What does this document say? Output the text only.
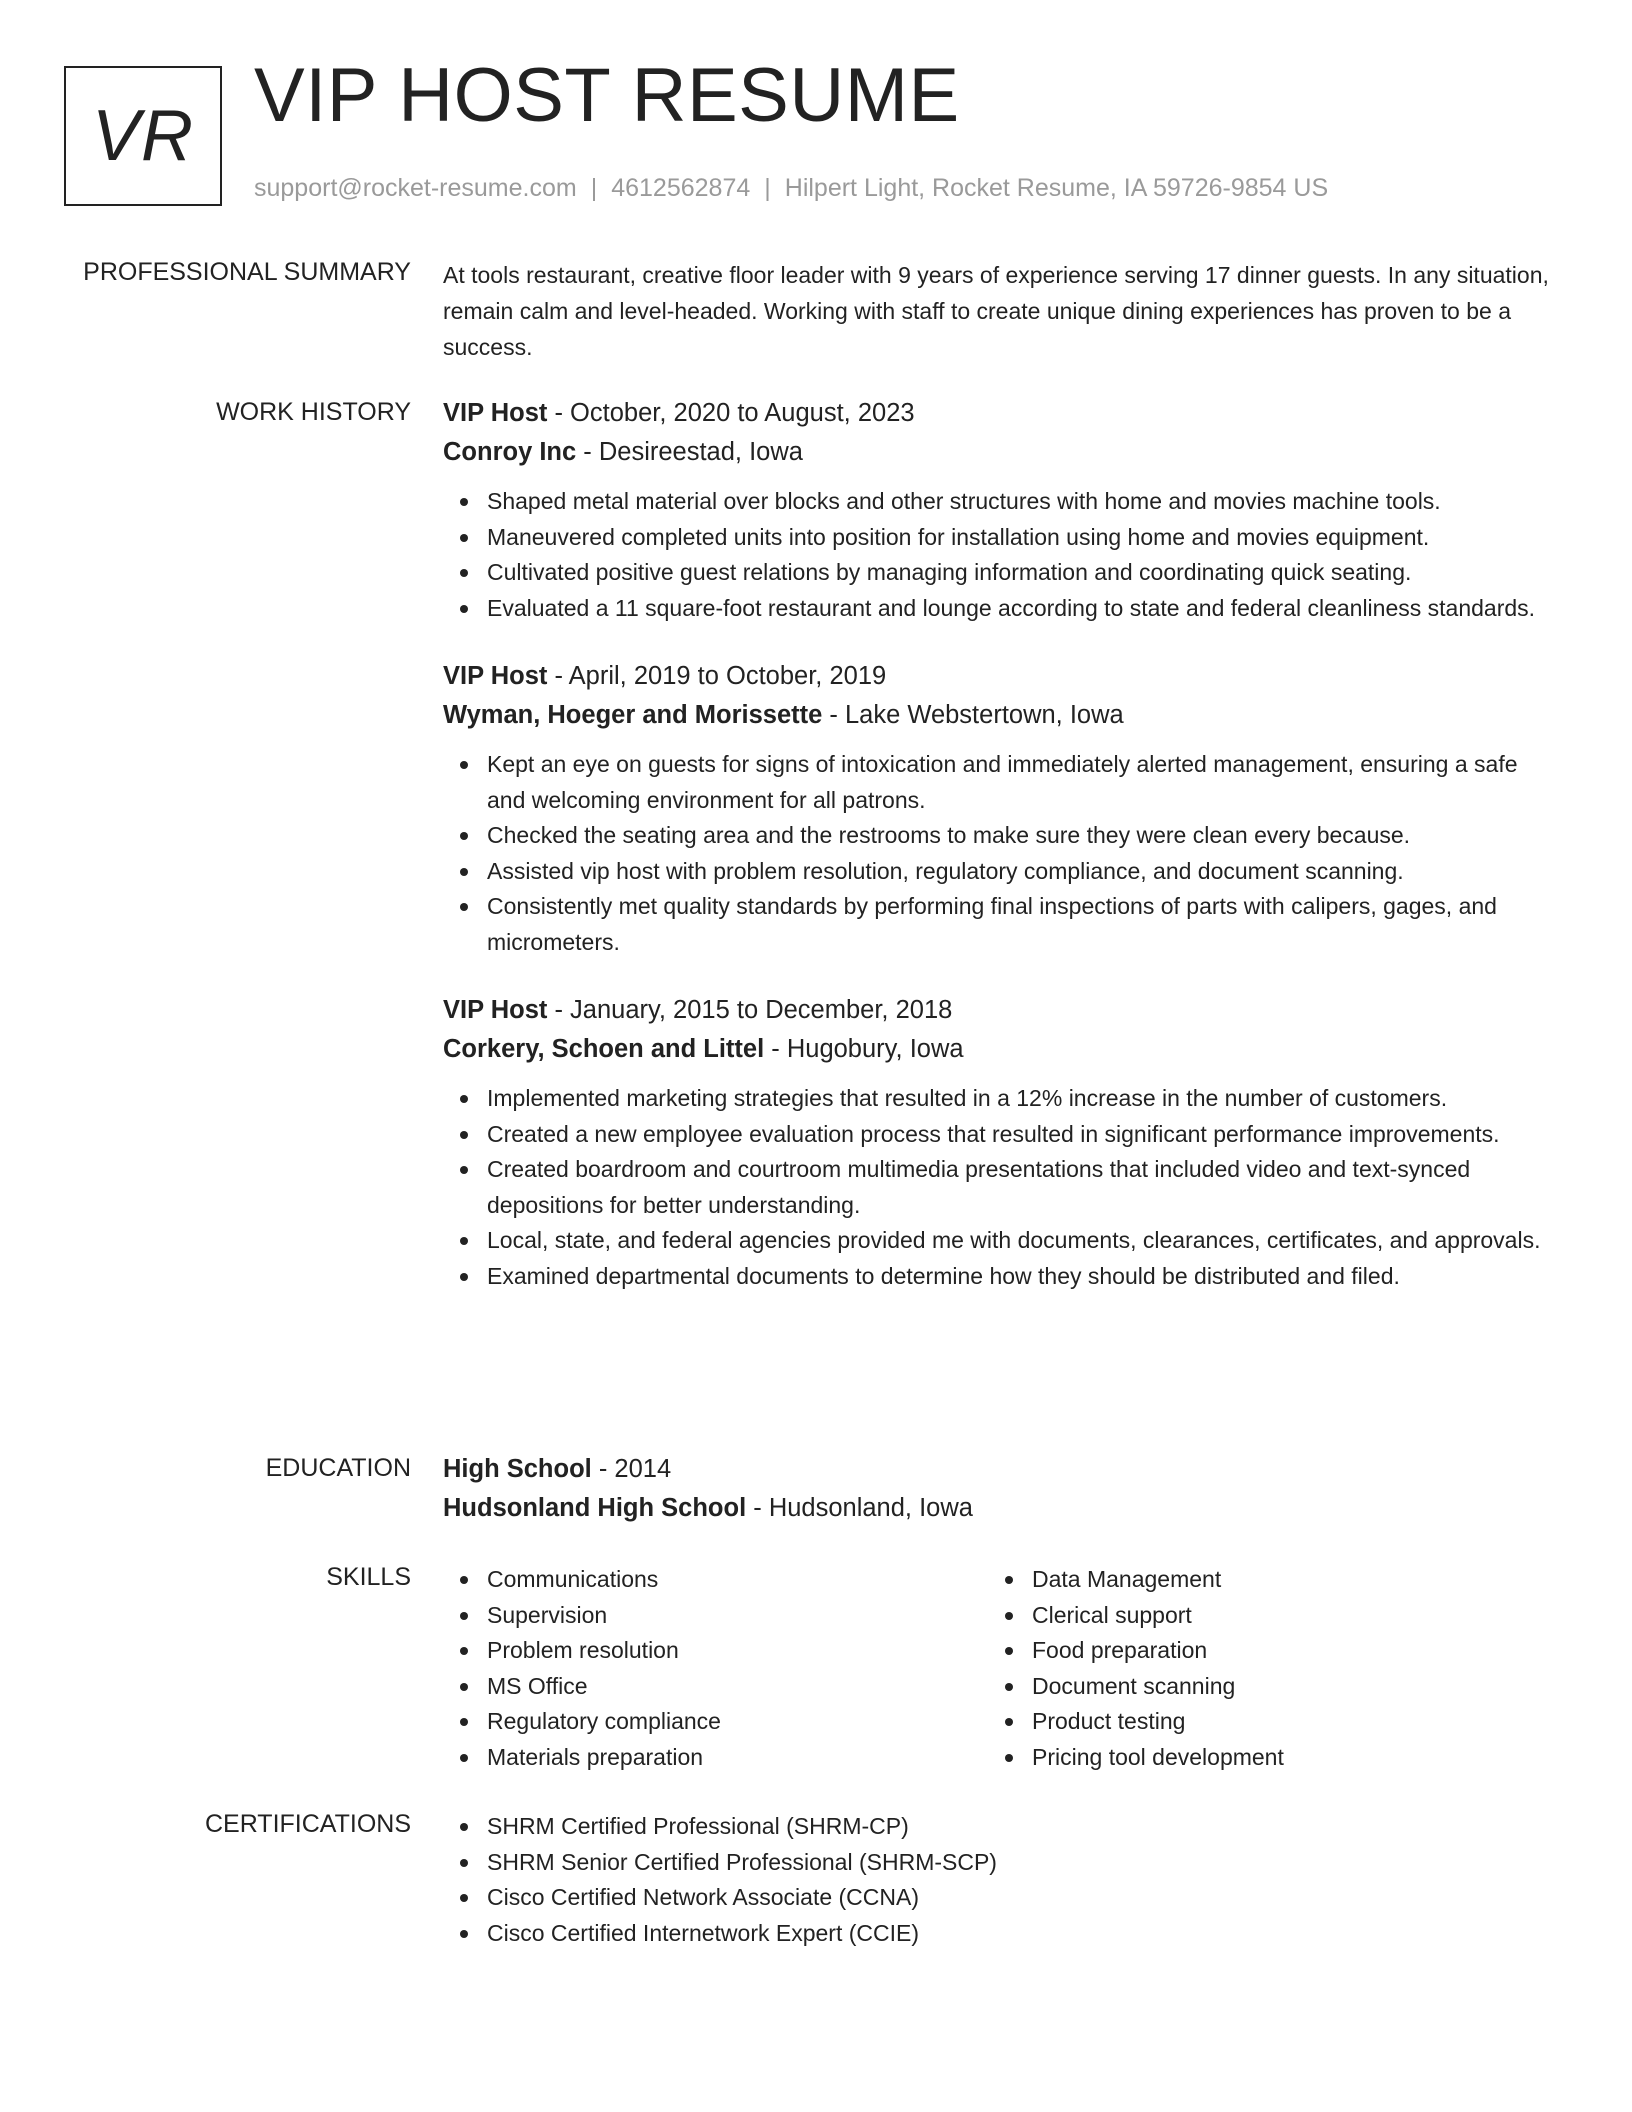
VR VIP HOST RESUME
support@rocket-resume.com | 4612562874 | Hilpert Light, Rocket Resume, IA 59726-9854 US
PROFESSIONAL SUMMARY At tools restaurant, creative floor leader with 9 years of experience serving 17 dinner guests. In any situation, remain calm and level-headed. Working with staff to create unique dining experiences has proven to be a success.

WORK HISTORY VIP Host - October, 2020 to August, 2023
Conroy Inc - Desireestad, Iowa
Shaped metal material over blocks and other structures with home and movies machine tools.
Maneuvered completed units into position for installation using home and movies equipment.
Cultivated positive guest relations by managing information and coordinating quick seating.
Evaluated a 11 square-foot restaurant and lounge according to state and federal cleanliness standards.
VIP Host - April, 2019 to October, 2019
Wyman, Hoeger and Morissette - Lake Webstertown, Iowa
Kept an eye on guests for signs of intoxication and immediately alerted management, ensuring a safe and welcoming environment for all patrons.
Checked the seating area and the restrooms to make sure they were clean every because.
Assisted vip host with problem resolution, regulatory compliance, and document scanning.
Consistently met quality standards by performing final inspections of parts with calipers, gages, and micrometers.
VIP Host - January, 2015 to December, 2018
Corkery, Schoen and Littel - Hugobury, Iowa
Implemented marketing strategies that resulted in a 12% increase in the number of customers.
Created a new employee evaluation process that resulted in significant performance improvements.
Created boardroom and courtroom multimedia presentations that included video and text-synced depositions for better understanding.
Local, state, and federal agencies provided me with documents, clearances, certificates, and approvals.
Examined departmental documents to determine how they should be distributed and filed.
EDUCATION High School - 2014
Hudsonland High School - Hudsonland, Iowa
SKILLS	Communications
Supervision
Problem resolution
MS Office
Regulatory compliance
Materials preparation
Data Management
Clerical support
Food preparation
Document scanning
Product testing
Pricing tool development
CERTIFICATIONS	SHRM Certified Professional (SHRM-CP)
SHRM Senior Certified Professional (SHRM-SCP)
Cisco Certified Network Associate (CCNA)
Cisco Certified Internetwork Expert (CCIE)
